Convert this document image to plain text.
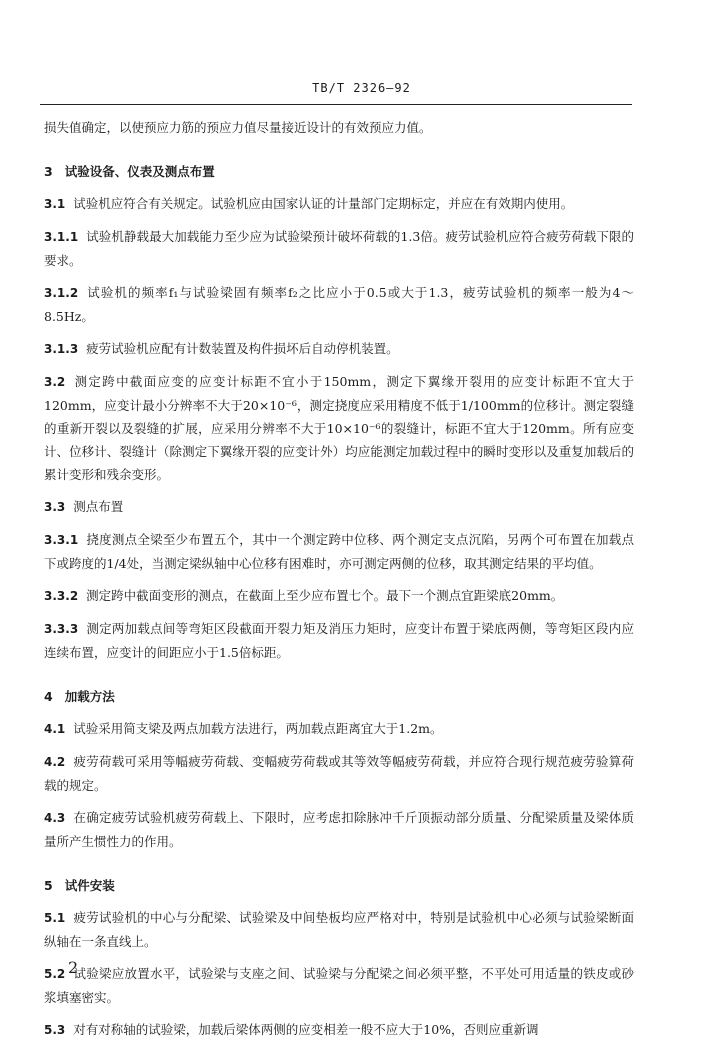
TB/T 2326—92

损失值确定，以使预应力筋的预应力值尽量接近设计的有效预应力值。

3 试验设备、仪表及测点布置

3.1 试验机应符合有关规定。试验机应由国家认证的计量部门定期标定，并应在有效期内使用。

3.1.1 试验机静载最大加载能力至少应为试验梁预计破坏荷载的1.3倍。疲劳试验机应符合疲劳荷载下限的要求。

3.1.2 试验机的频率f₁与试验梁固有频率f₂之比应小于0.5或大于1.3，疲劳试验机的频率一般为4～8.5Hz。

3.1.3 疲劳试验机应配有计数装置及构件损坏后自动停机装置。

3.2 测定跨中截面应变的应变计标距不宜小于150mm，测定下翼缘开裂用的应变计标距不宜大于120mm，应变计最小分辨率不大于20×10⁻⁶，测定挠度应采用精度不低于1/100mm的位移计。测定裂缝的重新开裂以及裂缝的扩展，应采用分辨率不大于10×10⁻⁶的裂缝计，标距不宜大于120mm。所有应变计、位移计、裂缝计（除测定下翼缘开裂的应变计外）均应能测定加载过程中的瞬时变形以及重复加载后的累计变形和残余变形。

3.3 测点布置

3.3.1 挠度测点全梁至少布置五个，其中一个测定跨中位移、两个测定支点沉陷，另两个可布置在加载点下或跨度的1/4处，当测定梁纵轴中心位移有困难时，亦可测定两侧的位移，取其测定结果的平均值。

3.3.2 测定跨中截面变形的测点，在截面上至少应布置七个。最下一个测点宜距梁底20mm。

3.3.3 测定两加载点间等弯矩区段截面开裂力矩及消压力矩时，应变计布置于梁底两侧，等弯矩区段内应连续布置，应变计的间距应小于1.5倍标距。

4 加载方法

4.1 试验采用简支梁及两点加载方法进行，两加载点距离宜大于1.2m。

4.2 疲劳荷载可采用等幅疲劳荷载、变幅疲劳荷载或其等效等幅疲劳荷载，并应符合现行规范疲劳验算荷载的规定。

4.3 在确定疲劳试验机疲劳荷载上、下限时，应考虑扣除脉冲千斤顶振动部分质量、分配梁质量及梁体质量所产生惯性力的作用。

5 试件安装

5.1 疲劳试验机的中心与分配梁、试验梁及中间垫板均应严格对中，特别是试验机中心必须与试验梁断面纵轴在一条直线上。

5.2 试验梁应放置水平，试验梁与支座之间、试验梁与分配梁之间必须平整，不平处可用适量的铁皮或砂浆填塞密实。

5.3 对有对称轴的试验梁，加载后梁体两侧的应变相差一般不应大于10%，否则应重新调

2
